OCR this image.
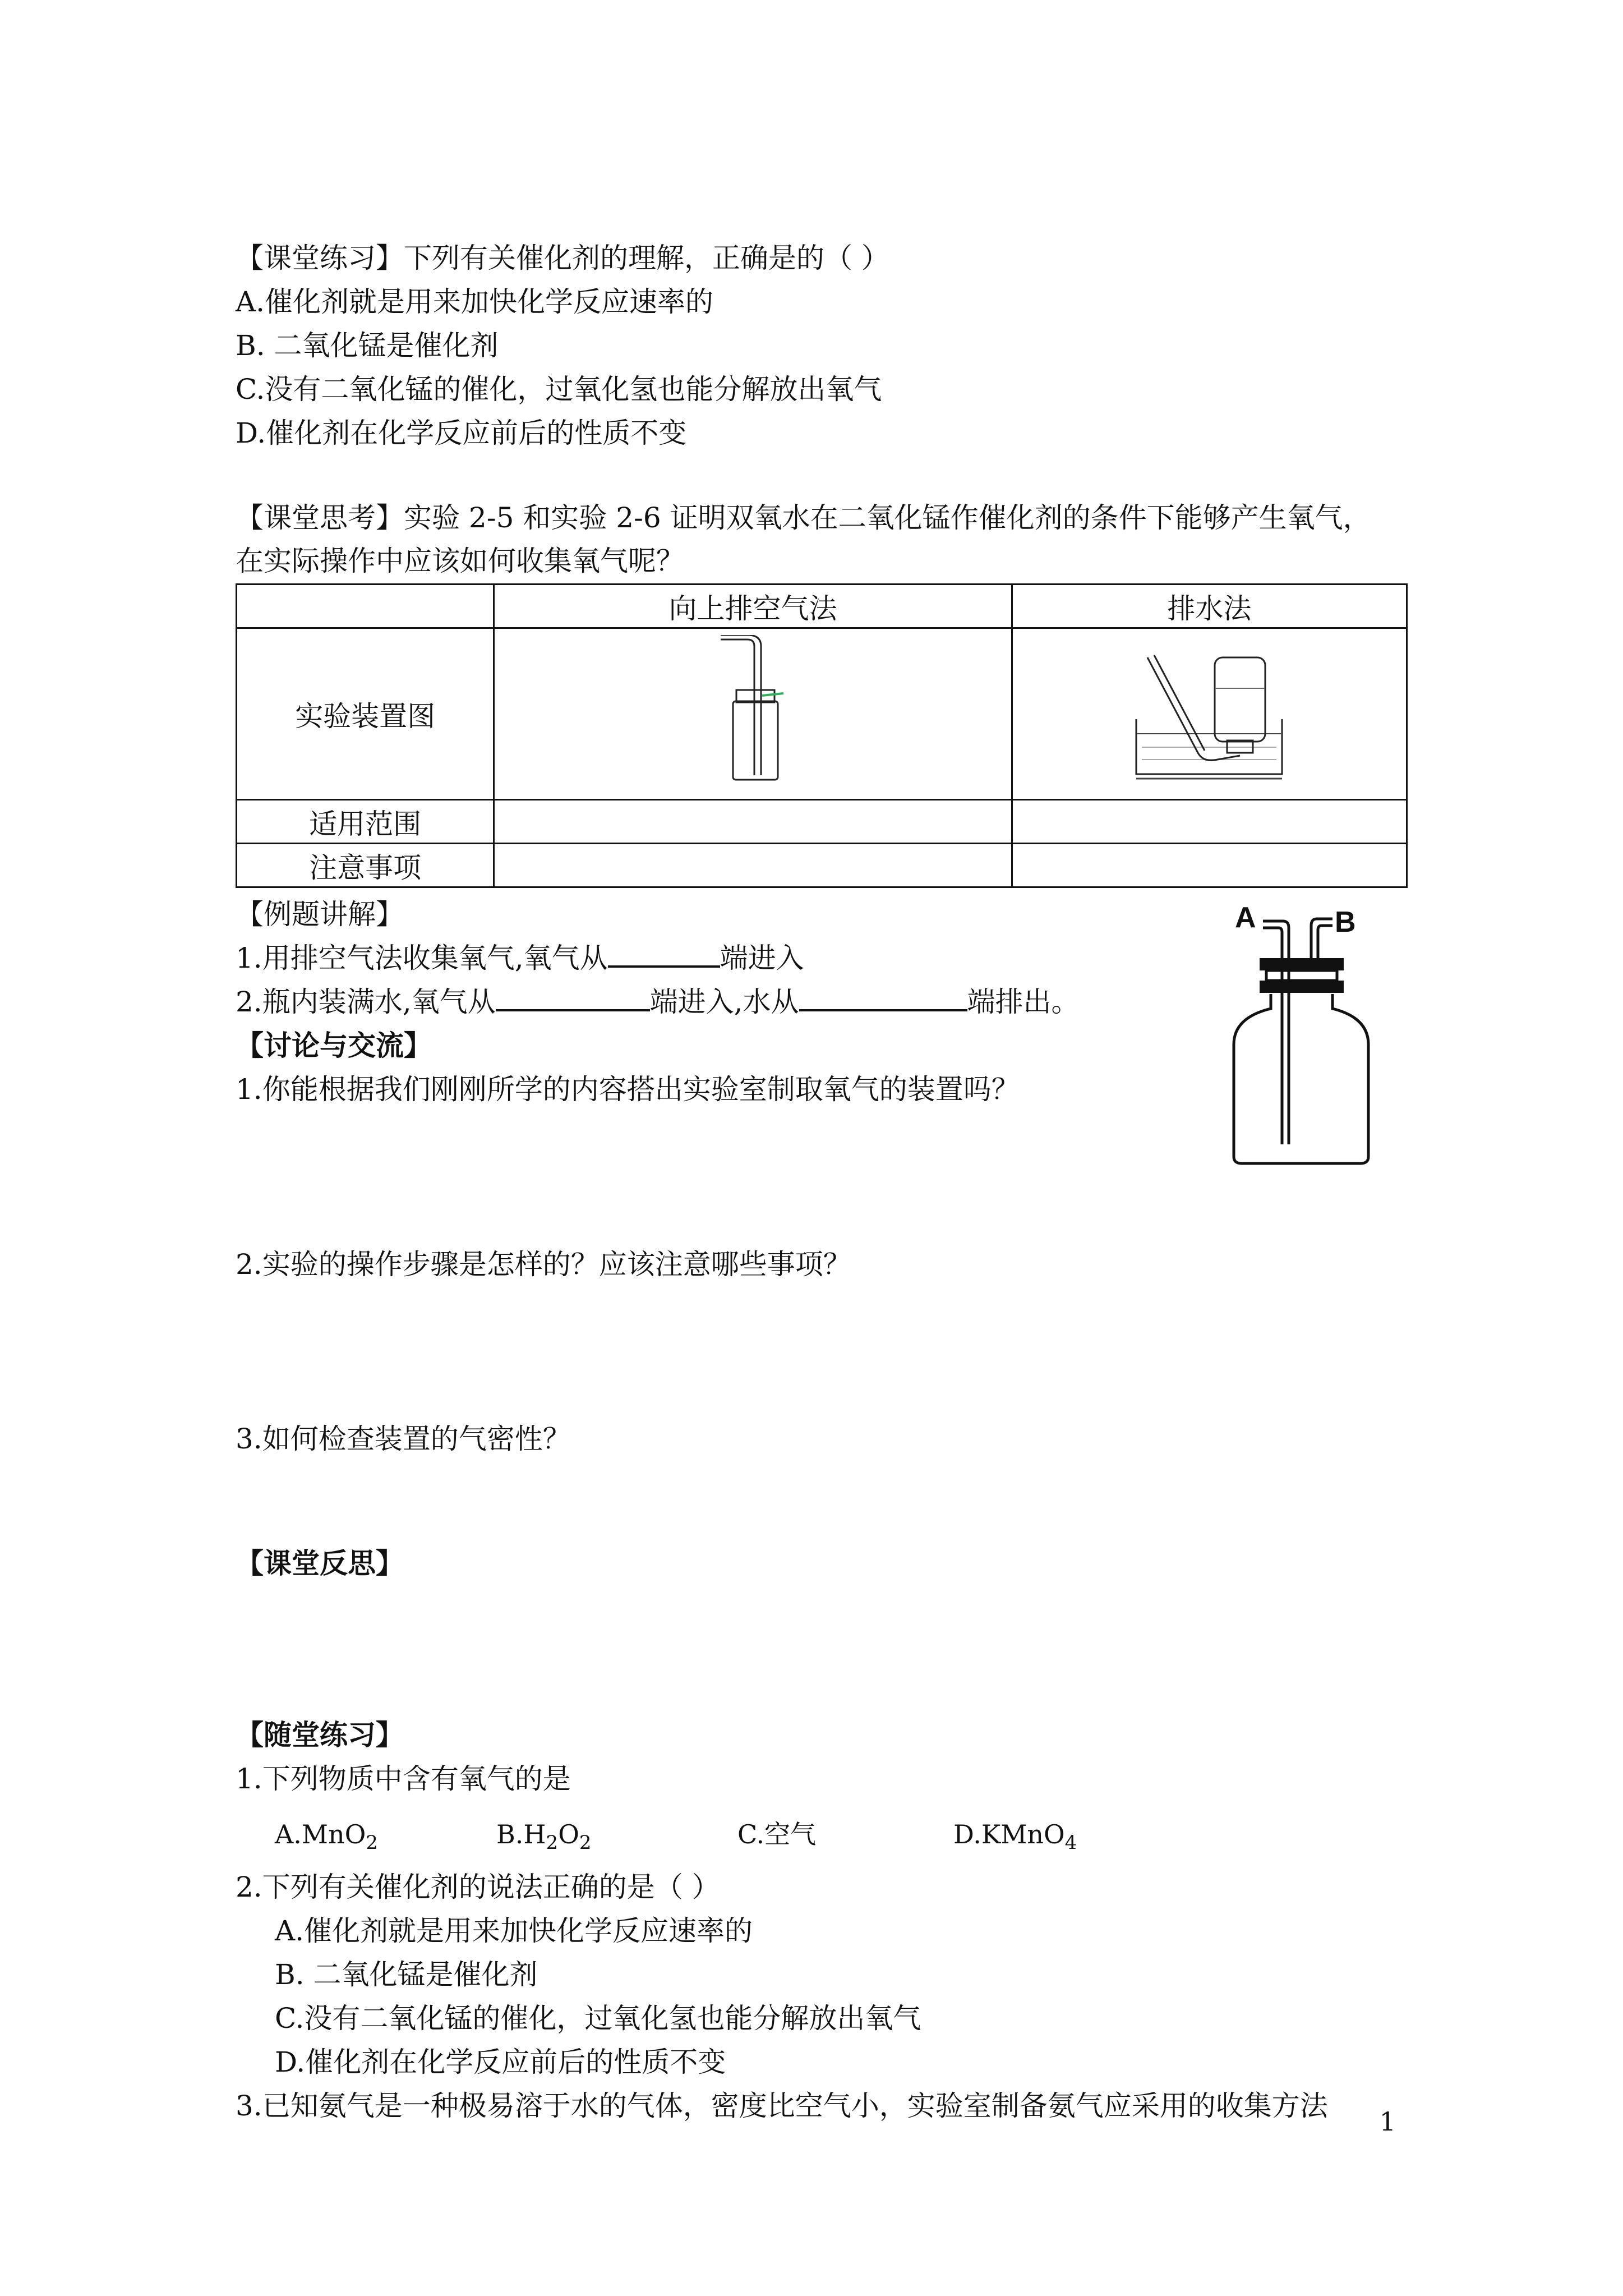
【课堂练习】下列有关催化剂的理解，正确是的（ ）
A.催化剂就是用来加快化学反应速率的
B. 二氧化锰是催化剂
C.没有二氧化锰的催化，过氧化氢也能分解放出氧气
D.催化剂在化学反应前后的性质不变
【课堂思考】实验 2-5 和实验 2-6 证明双氧水在二氧化锰作催化剂的条件下能够产生氧气，
在实际操作中应该如何收集氧气呢？
	向上排空气法	排水法
实验装置图		
适用范围		
注意事项		
【例题讲解】
1.用排空气法收集氧气,氧气从	端进入
2.瓶内装满水,氧气从	端进入,水从	端排出。
A	B
【讨论与交流】
1.你能根据我们刚刚所学的内容搭出实验室制取氧气的装置吗？
2.实验的操作步骤是怎样的？应该注意哪些事项？
3.如何检查装置的气密性？
【课堂反思】
【随堂练习】
1.下列物质中含有氧气的是
A.MnO$_2$	$B.H_2O_2$	C.空气	D.KMnO$_4$
2.下列有关催化剂的说法正确的是（ ）
A.催化剂就是用来加快化学反应速率的
B. 二氧化锰是催化剂
C.没有二氧化锰的催化，过氧化氢也能分解放出氧气
D.催化剂在化学反应前后的性质不变
3.已知氨气是一种极易溶于水的气体，密度比空气小，实验室制备氨气应采用的收集方法 1
